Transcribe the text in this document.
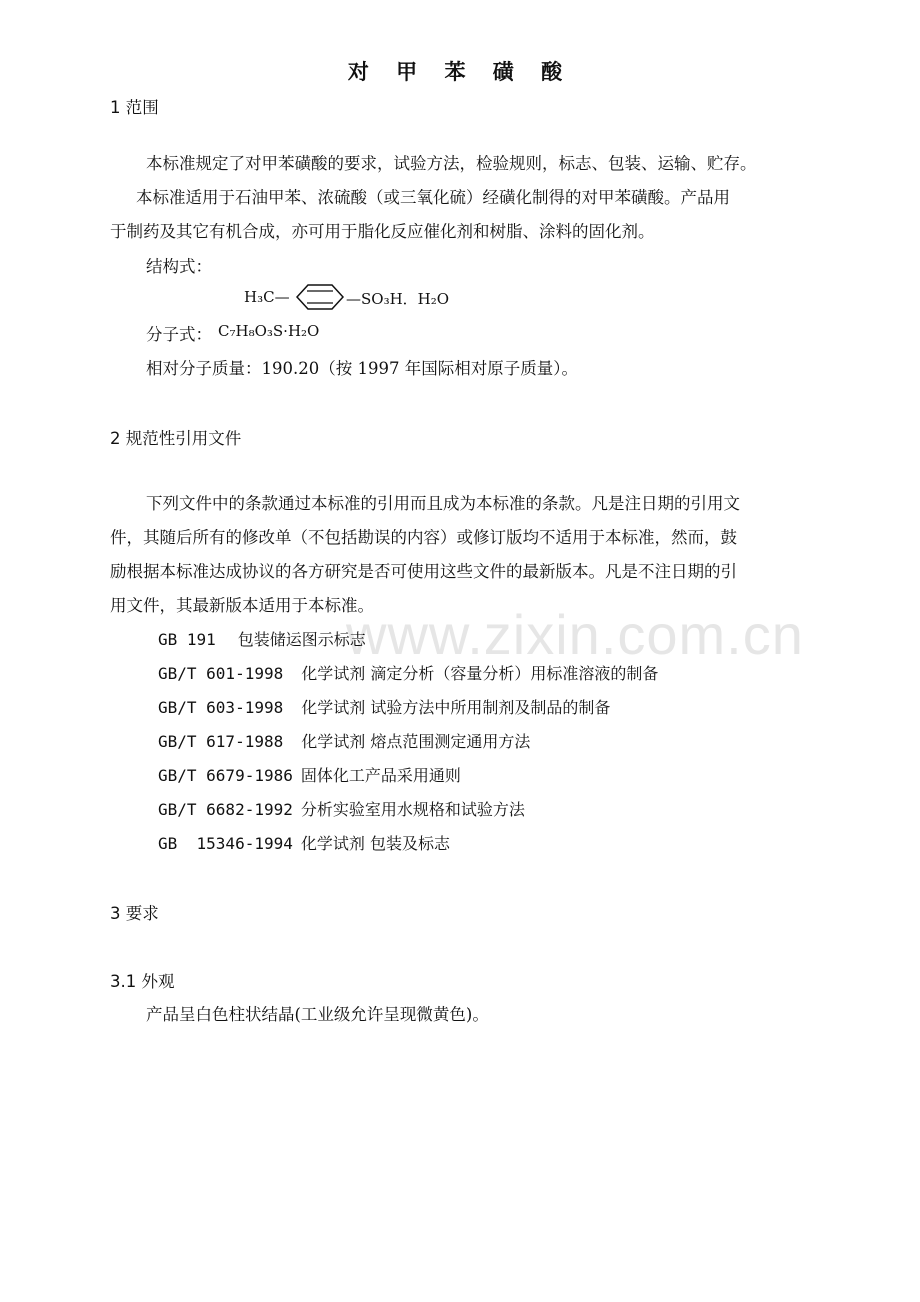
www.zixin.com.cn
对 甲 苯 磺 酸
1 范围
本标准规定了对甲苯磺酸的要求，试验方法，检验规则，标志、包装、运输、贮存。
本标准适用于石油甲苯、浓硫酸（或三氧化硫）经磺化制得的对甲苯磺酸。产品用
于制药及其它有机合成，亦可用于脂化反应催化剂和树脂、涂料的固化剂。
结构式：
H₃C—	—SO₃H．H₂O
分子式： C₇H₈O₃S·H₂O
相对分子质量：190.20（按 1997 年国际相对原子质量）。
2 规范性引用文件
下列文件中的条款通过本标准的引用而且成为本标准的条款。凡是注日期的引用文
件，其随后所有的修改单（不包括勘误的内容）或修订版均不适用于本标准，然而，鼓
励根据本标准达成协议的各方研究是否可使用这些文件的最新版本。凡是不注日期的引
用文件，其最新版本适用于本标准。
GB 191 包装储运图示标志
GB/T 601-1998 化学试剂 滴定分析（容量分析）用标准溶液的制备
GB/T 603-1998 化学试剂 试验方法中所用制剂及制品的制备
GB/T 617-1988 化学试剂 熔点范围测定通用方法
GB/T 6679-1986 固体化工产品采用通则
GB/T 6682-1992 分析实验室用水规格和试验方法
GB  15346-1994 化学试剂 包装及标志
3 要求
3.1 外观
产品呈白色柱状结晶(工业级允许呈现微黄色)。
